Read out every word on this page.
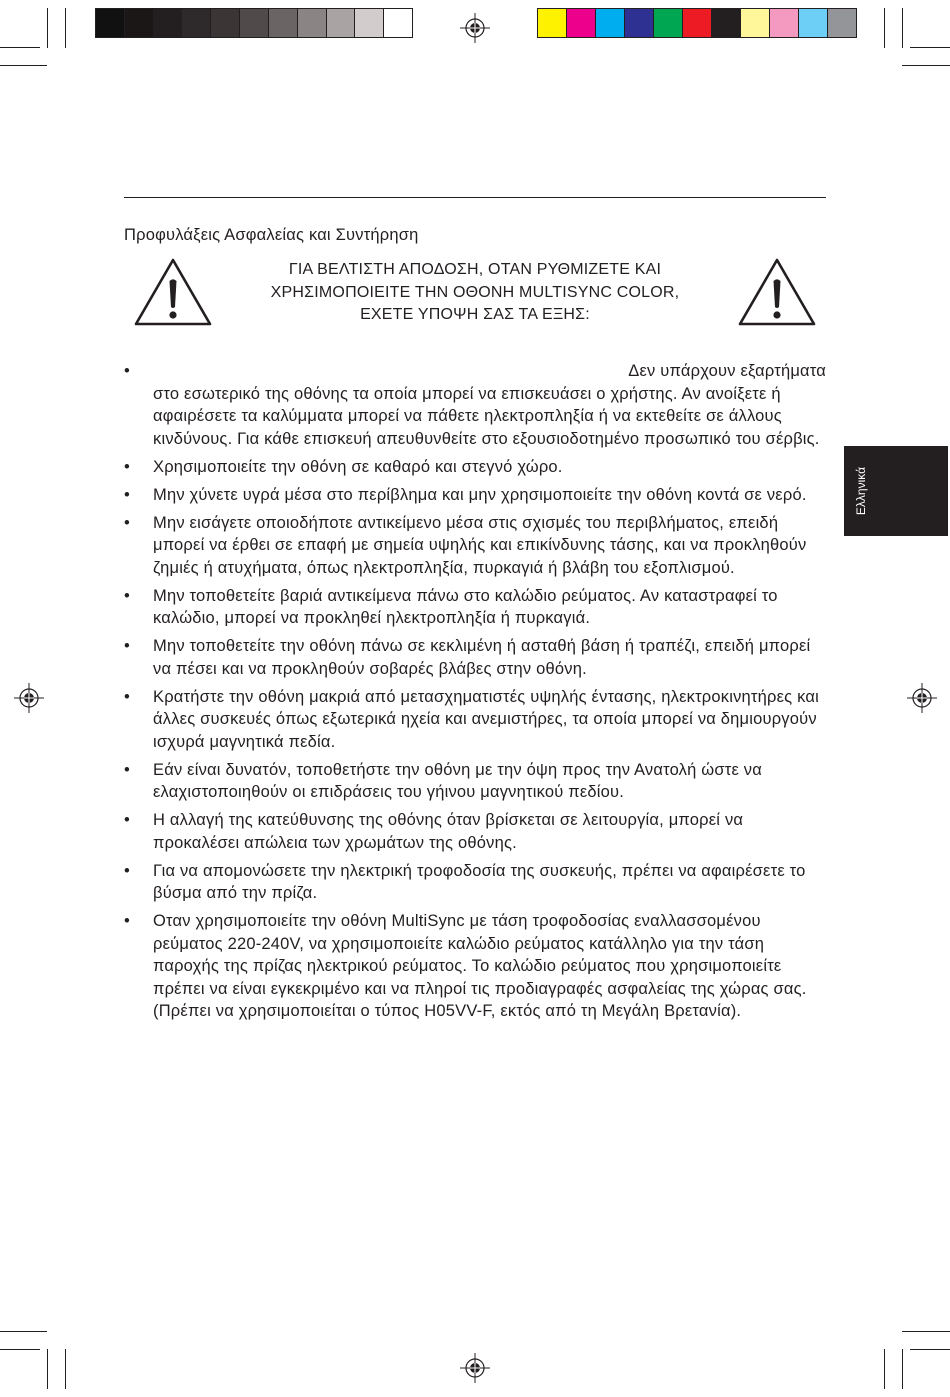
Προφυλάξεις Ασφαλείας και Συντήρηση
ΓΙΑ ΒΕΛΤΙΣΤΗ ΑΠΟΔΟΣΗ, ΟΤΑΝ ΡΥΘΜΙΖΕΤΕ ΚΑΙ
ΧΡΗΣΙΜΟΠΟΙΕΙΤΕ ΤΗΝ ΟΘΟΝΗ MULTISYNC COLOR,
ΕΧΕΤΕ ΥΠΟΨΗ ΣΑΣ ΤΑ ΕΞΗΣ:
Ελληνικά
•	Δεν υπάρχουν εξαρτήματα
στο εσωτερικό της οθόνης τα οποία μπορεί να επισκευάσει ο χρήστης. Αν ανοίξετε ή αφαιρέσετε τα καλύμματα μπορεί να πάθετε ηλεκτροπληξία ή να εκτεθείτε σε άλλους κινδύνους. Για κάθε επισκευή απευθυνθείτε στο εξουσιοδοτημένο προσωπικό του σέρβις.
• Χρησιμοποιείτε την οθόνη σε καθαρό και στεγνό χώρο.
• Μην χύνετε υγρά μέσα στο περίβλημα και μην χρησιμοποιείτε την οθόνη κοντά σε νερό.
• Μην εισάγετε οποιοδήποτε αντικείμενο μέσα στις σχισμές του περιβλήματος, επειδή μπορεί να έρθει σε επαφή με σημεία υψηλής και επικίνδυνης τάσης, και να προκληθούν ζημιές ή ατυχήματα, όπως ηλεκτροπληξία, πυρκαγιά ή βλάβη του εξοπλισμού.
• Μην τοποθετείτε βαριά αντικείμενα πάνω στο καλώδιο ρεύματος. Αν καταστραφεί το καλώδιο, μπορεί να προκληθεί ηλεκτροπληξία ή πυρκαγιά.
• Μην τοποθετείτε την οθόνη πάνω σε κεκλιμένη ή ασταθή βάση ή τραπέζι, επειδή μπορεί να πέσει και να προκληθούν σοβαρές βλάβες στην οθόνη.
• Κρατήστε την οθόνη μακριά από μετασχηματιστές υψηλής έντασης, ηλεκτροκινητήρες και άλλες συσκευές όπως εξωτερικά ηχεία και ανεμιστήρες, τα οποία μπορεί να δημιουργούν ισχυρά μαγνητικά πεδία.
• Εάν είναι δυνατόν, τοποθετήστε την οθόνη με την όψη προς την Ανατολή ώστε να ελαχιστοποιηθούν οι επιδράσεις του γήινου μαγνητικού πεδίου.
• Η αλλαγή της κατεύθυνσης της οθόνης όταν βρίσκεται σε λειτουργία, μπορεί να προκαλέσει απώλεια των χρωμάτων της οθόνης.
• Για να απομονώσετε την ηλεκτρική τροφοδοσία της συσκευής, πρέπει να αφαιρέσετε το βύσμα από την πρίζα.
• Οταν χρησιμοποιείτε την οθόνη MultiSync με τάση τροφοδοσίας εναλλασσομένου ρεύματος 220-240V, να χρησιμοποιείτε καλώδιο ρεύματος κατάλληλο για την τάση παροχής της πρίζας ηλεκτρικού ρεύματος. Το καλώδιο ρεύματος που χρησιμοποιείτε πρέπει να είναι εγκεκριμένο και να πληροί τις προδιαγραφές ασφαλείας της χώρας σας. (Πρέπει να χρησιμοποιείται ο τύπος H05VV-F, εκτός από τη Μεγάλη Βρετανία).
